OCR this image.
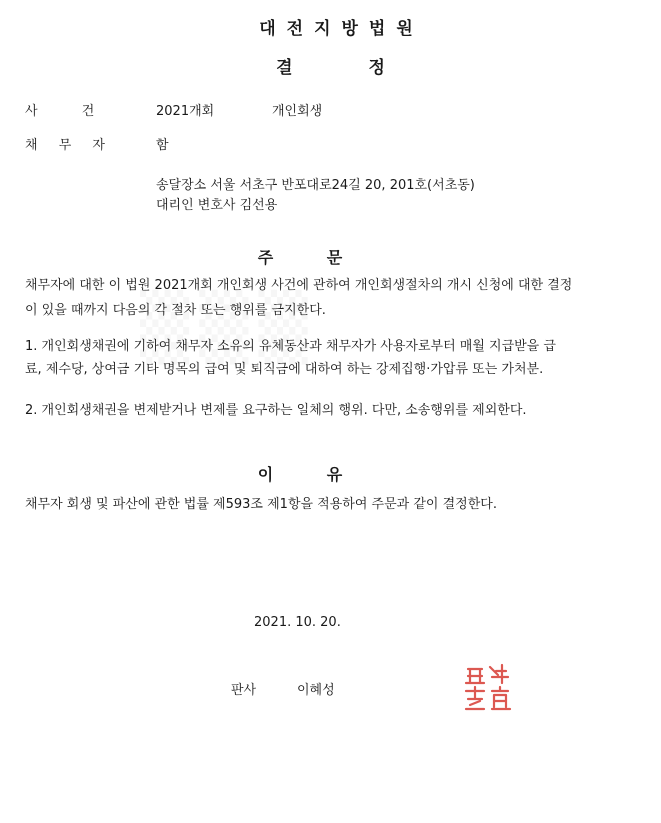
대전지방법원
결 정
사 건	2021개회	개인회생
채 무 자	함
송달장소 서울 서초구 반포대로24길 20, 201호(서초동)
대리인 변호사 김선용
주 문
채무자에 대한 이 법원 2021개회 개인회생 사건에 관하여 개인회생절차의 개시 신청에 대한 결정이 있을 때까지 다음의 각 절차 또는 행위를 금지한다.
1. 개인회생채권에 기하여 채무자 소유의 유체동산과 채무자가 사용자로부터 매월 지급받을 급료, 제수당, 상여금 기타 명목의 급여 및 퇴직금에 대하여 하는 강제집행·가압류 또는 가처분.
2. 개인회생채권을 변제받거나 변제를 요구하는 일체의 행위. 다만, 소송행위를 제외한다.
이 유
채무자 회생 및 파산에 관한 법률 제593조 제1항을 적용하여 주문과 같이 결정한다.
2021. 10. 20.
판사	이혜성
